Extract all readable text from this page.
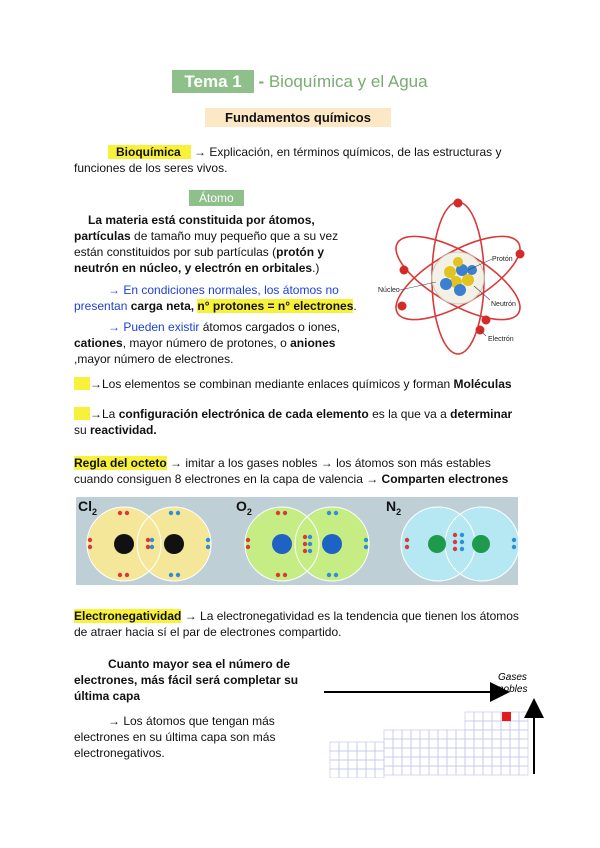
Tema 1 - Bioquímica y el Agua
Fundamentos químicos
Bioquímica → Explicación, en términos químicos, de las estructuras y
funciones de los seres vivos.
Átomo
La materia está constituida por átomos,
partículas de tamaño muy pequeño que a su vez
están constituidos por sub partículas (protón y
neutrón en núcleo, y electrón en orbitales.)
→ En condiciones normales, los átomos no
presentan carga neta, n° protones = n° electrones.
→ Pueden existir átomos cargados o iones,
cationes, mayor número de protones, o aniones
,mayor número de electrones.
Protón
Núcleo
Neutrón
Electrón
→Los elementos se combinan mediante enlaces químicos y forman Moléculas
→La configuración electrónica de cada elemento es la que va a determinar
su reactividad.
Regla del octeto → imitar a los gases nobles → los átomos son más estables
cuando consiguen 8 electrones en la capa de valencia → Comparten electrones
$Cl_2$	$O_2$	$N_2$
Electronegatividad → La electronegatividad es la tendencia que tienen los átomos
de atraer hacia sí el par de electrones compartido.
Cuanto mayor sea el número de
electrones, más fácil será completar su
última capa
→ Los átomos que tengan más
electrones en su última capa son más
electronegativos.
Gases
nobles
